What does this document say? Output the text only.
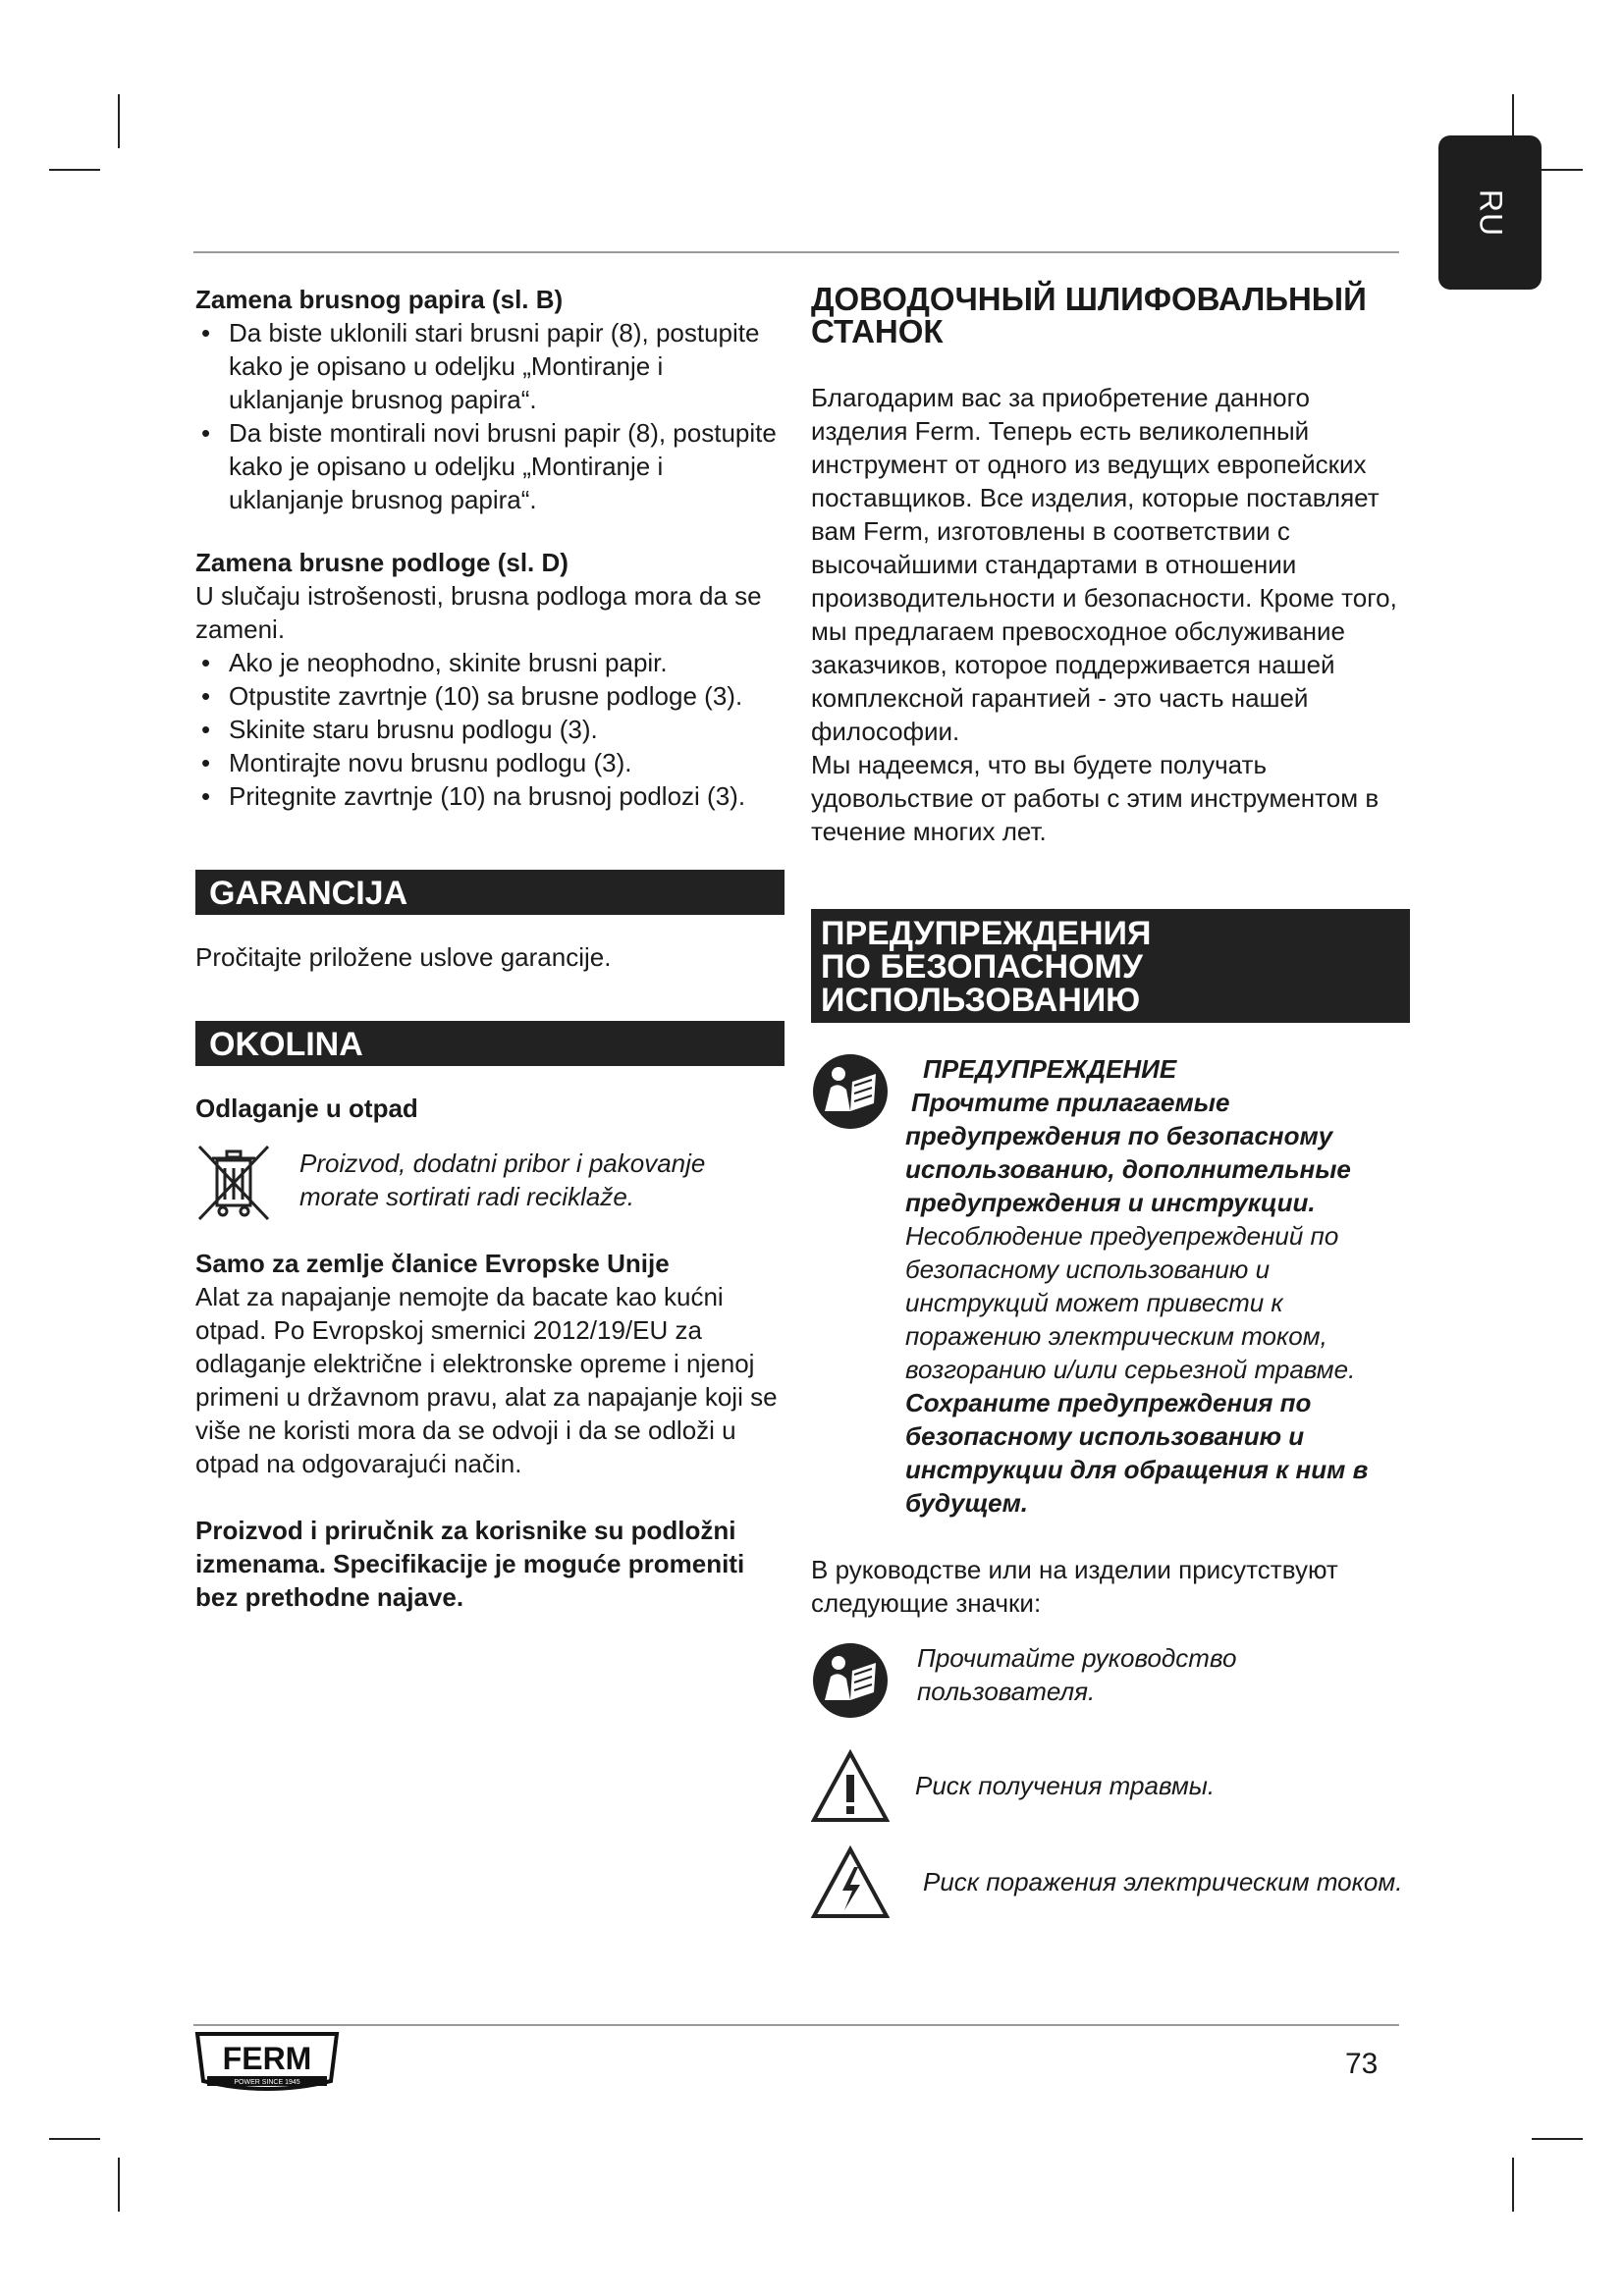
RU
Zamena brusnog papira (sl. B)
• Da biste uklonili stari brusni papir (8), postupite kako je opisano u odeljku „Montiranje i uklanjanje brusnog papira“.
• Da biste montirali novi brusni papir (8), postupite kako je opisano u odeljku „Montiranje i uklanjanje brusnog papira“.
Zamena brusne podloge (sl. D)

U slučaju istrošenosti, brusna podloga mora da se zameni.

• Ako je neophodno, skinite brusni papir.
• Otpustite zavrtnje (10) sa brusne podloge (3).
• Skinite staru brusnu podlogu (3).
• Montirajte novu brusnu podlogu (3).
• Pritegnite zavrtnje (10) na brusnoj podlozi (3).
GARANCIJA

Pročitajte priložene uslove garancije.

OKOLINA
Odlaganje u otpad

Proizvod, dodatni pribor i pakovanje morate sortirati radi reciklaže.

Samo za zemlje članice Evropske Unije

Alat za napajanje nemojte da bacate kao kućni otpad. Po Evropskoj smernici 2012/19/EU za odlaganje električne i elektronske opreme i njenoj primeni u državnom pravu, alat za napajanje koji se više ne koristi mora da se odvoji i da se odloži u otpad na odgovarajući način.

Proizvod i priručnik za korisnike su podložni izmenama. Specifikacije je moguće promeniti bez prethodne najave.

ДОВОДОЧНЫЙ ШЛИФОВАЛЬНЫЙ
СТАНОК

Благодарим вас за приобретение данного изделия Ferm. Теперь есть великолепный инструмент от одного из ведущих европейских поставщиков. Все изделия, которые поставляет вам Ferm, изготовлены в соответствии с высочайшими стандартами в отношении производительности и безопасности. Кроме того, мы предлагаем превосходное обслуживание заказчиков, которое поддерживается нашей комплексной гарантией - это часть нашей философии.

Мы надеемся, что вы будете получать удовольствие от работы с этим инструментом в течение многих лет.

ПРЕДУПРЕЖДЕНИЯ
ПО БЕЗОПАСНОМУ
ИСПОЛЬЗОВАНИЮ

ПРЕДУПРЕЖДЕНИЕ

Прочтите прилагаемые предупреждения по безопасному использованию, дополнительные предупреждения и инструкции.

Несоблюдение предуепреждений по безопасному использованию и инструкций может привести к поражению электрическим током, возгоранию и/или серьезной травме.

Сохраните предупреждения по безопасному использованию и инструкции для обращения к ним в будущем.

В руководстве или на изделии присутствуют следующие значки:

Прочитайте руководство пользователя.

Риск получения травмы.

Риск поражения электрическим током.

FERM
POWER SINCE 1945
73
